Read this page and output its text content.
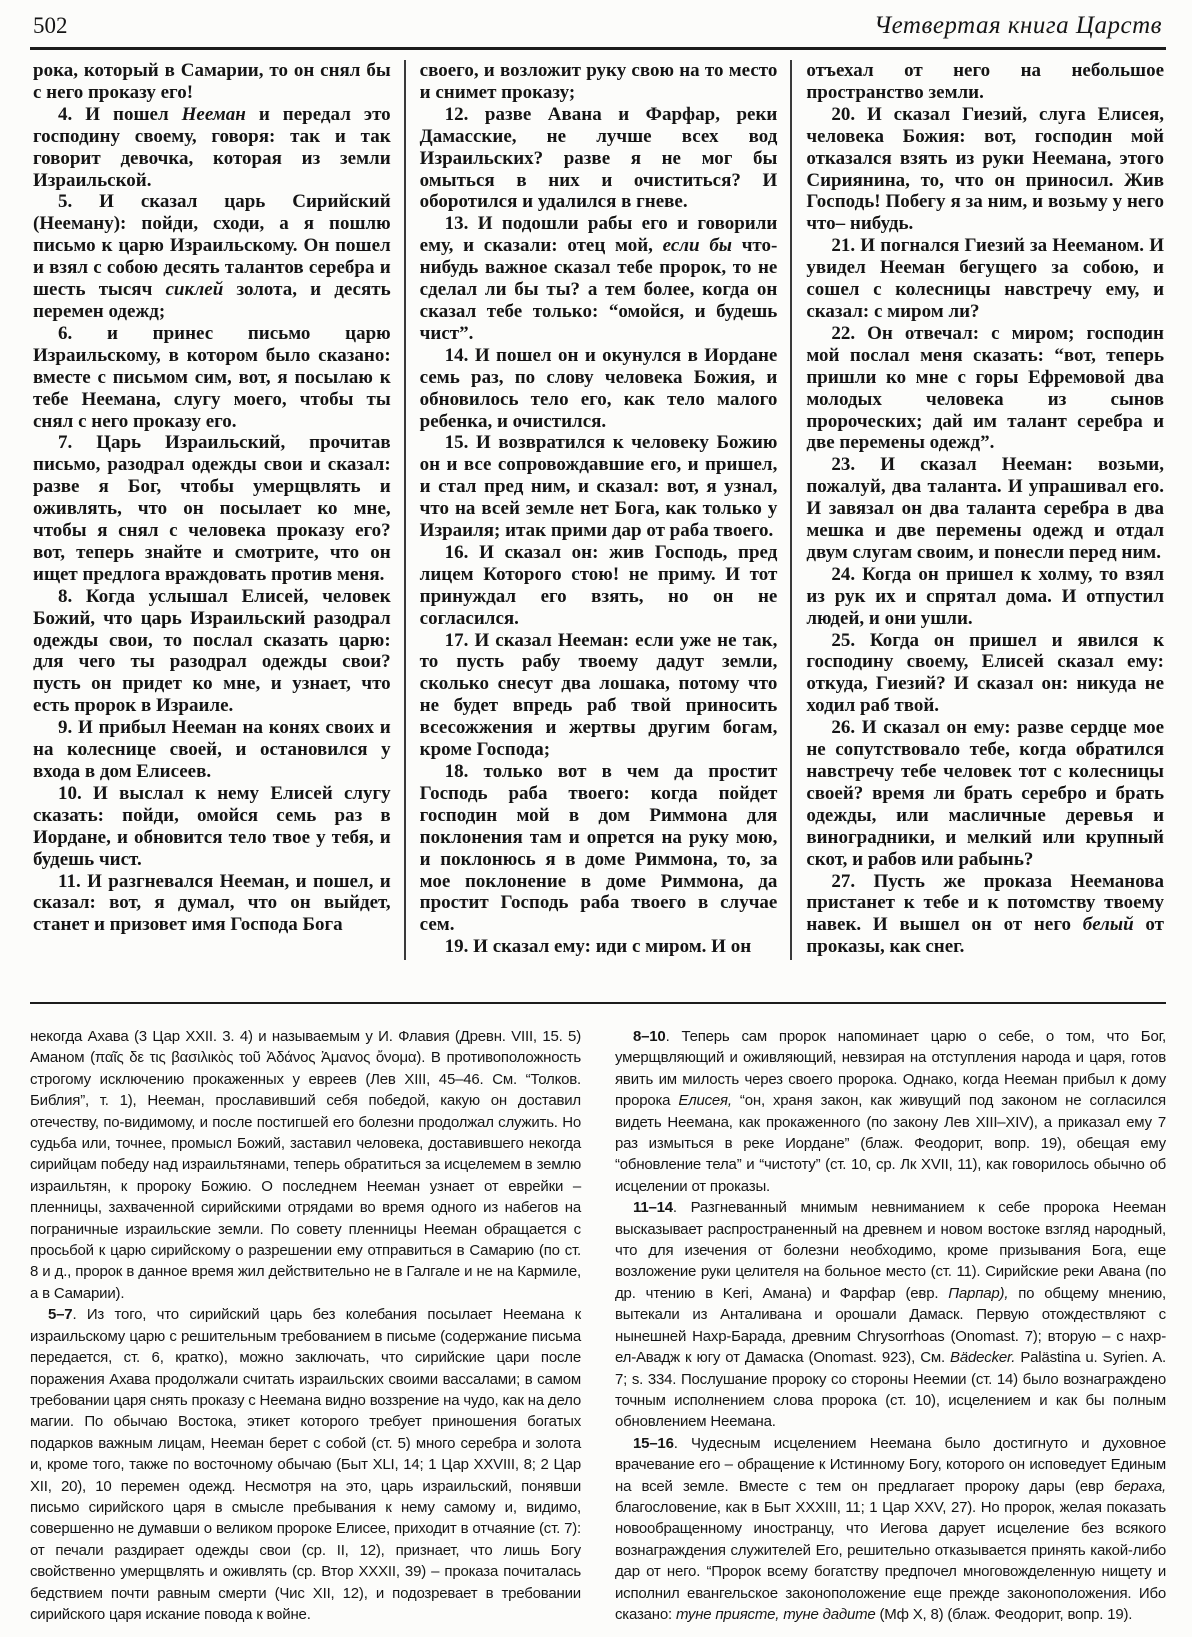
502	Четвертая книга Царств

рока, который в Самарии, то он снял бы с него проказу его!

4. И пошел Нееман и передал это господину своему, говоря: так и так говорит девочка, которая из земли Израильской.

5. И сказал царь Сирийский (Нееману): пойди, сходи, а я пошлю письмо к царю Израильскому. Он пошел и взял с собою десять талантов серебра и шесть тысяч сиклей золота, и десять перемен одежд;

6. и принес письмо царю Израильскому, в котором было сказано: вместе с письмом сим, вот, я посылаю к тебе Неемана, слугу моего, чтобы ты снял с него проказу его.

7. Царь Израильский, прочитав письмо, разодрал одежды свои и сказал: разве я Бог, чтобы умерщвлять и оживлять, что он посылает ко мне, чтобы я снял с человека проказу его? вот, теперь знайте и смотрите, что он ищет предлога враждовать против меня.

8. Когда услышал Елисей, человек Божий, что царь Израильский разодрал одежды свои, то послал сказать царю: для чего ты разодрал одежды свои? пусть он придет ко мне, и узнает, что есть пророк в Израиле.

9. И прибыл Нееман на конях своих и на колеснице своей, и остановился у входа в дом Елисеев.

10. И выслал к нему Елисей слугу сказать: пойди, омойся семь раз в Иордане, и обновится тело твое у тебя, и будешь чист.

11. И разгневался Нееман, и пошел, и сказал: вот, я думал, что он выйдет, станет и призовет имя Господа Бога

своего, и возложит руку свою на то место и снимет проказу;

12. разве Авана и Фарфар, реки Дамасские, не лучше всех вод Израильских? разве я не мог бы омыться в них и очиститься? И оборотился и удалился в гневе.

13. И подошли рабы его и говорили ему, и сказали: отец мой, если бы что-нибудь важное сказал тебе пророк, то не сделал ли бы ты? а тем более, когда он сказал тебе только: “омойся, и будешь чист”.

14. И пошел он и окунулся в Иордане семь раз, по слову человека Божия, и обновилось тело его, как тело малого ребенка, и очистился.

15. И возвратился к человеку Божию он и все сопровождавшие его, и пришел, и стал пред ним, и сказал: вот, я узнал, что на всей земле нет Бога, как только у Израиля; итак прими дар от раба твоего.

16. И сказал он: жив Господь, пред лицем Которого стою! не приму. И тот принуждал его взять, но он не согласился.

17. И сказал Нееман: если уже не так, то пусть рабу твоему дадут земли, сколько снесут два лошака, потому что не будет впредь раб твой приносить всесожжения и жертвы другим богам, кроме Господа;

18. только вот в чем да простит Господь раба твоего: когда пойдет господин мой в дом Риммона для поклонения там и опрется на руку мою, и поклонюсь я в доме Риммона, то, за мое поклонение в доме Риммона, да простит Господь раба твоего в случае сем.

19. И сказал ему: иди с миром. И он

отъехал от него на небольшое пространство земли.

20. И сказал Гиезий, слуга Елисея, человека Божия: вот, господин мой отказался взять из руки Неемана, этого Сириянина, то, что он приносил. Жив Господь! Побегу я за ним, и возьму у него что– нибудь.

21. И погнался Гиезий за Нееманом. И увидел Нееман бегущего за собою, и сошел с колесницы навстречу ему, и сказал: с миром ли?

22. Он отвечал: с миром; господин мой послал меня сказать: “вот, теперь пришли ко мне с горы Ефремовой два молодых человека из сынов пророческих; дай им талант серебра и две перемены одежд”.

23. И сказал Нееман: возьми, пожалуй, два таланта. И упрашивал его. И завязал он два таланта серебра в два мешка и две перемены одежд и отдал двум слугам своим, и понесли перед ним.

24. Когда он пришел к холму, то взял из рук их и спрятал дома. И отпустил людей, и они ушли.

25. Когда он пришел и явился к господину своему, Елисей сказал ему: откуда, Гиезий? И сказал он: никуда не ходил раб твой.

26. И сказал он ему: разве сердце мое не сопутствовало тебе, когда обратился навстречу тебе человек тот с колесницы своей? время ли брать серебро и брать одежды, или масличные деревья и виноградники, и мелкий или крупный скот, и рабов или рабынь?

27. Пусть же проказа Нееманова пристанет к тебе и к потомству твоему навек. И вышел он от него белый от проказы, как снег.

некогда Ахава (3 Цар XXII. 3. 4) и называемым у И. Флавия (Древн. VIII, 15. 5) Аманом (παῖς δε τις βασιλικὸς τοῦ Ἀδάνος Ἀμανος ὄνομα). В противоположность строгому исключению прокаженных у евреев (Лев XIII, 45–46. См. “Толков. Библия”, т. 1), Нееман, прославивший себя победой, какую он доставил отечеству, по-видимому, и после постигшей его болезни продолжал служить. Но судьба или, точнее, промысл Божий, заставил человека, доставившего некогда сирийцам победу над израильтянами, теперь обратиться за исцелемем в землю израильтян, к пророку Божию. О последнем Нееман узнает от еврейки – пленницы, захваченной сирийскими отрядами во время одного из набегов на пограничные израильские земли. По совету пленницы Нееман обращается с просьбой к царю сирийскому о разрешении ему отправиться в Самарию (по ст. 8 и д., пророк в данное время жил действительно не в Галгале и не на Кармиле, а в Самарии).

5–7. Из того, что сирийский царь без колебания посылает Неемана к израильскому царю с решительным требованием в письме (содержание письма передается, ст. 6, кратко), можно заключать, что сирийские цари после поражения Ахава продолжали считать израильских своими вассалами; в самом требовании царя снять проказу с Неемана видно воззрение на чудо, как на дело магии. По обычаю Востока, этикет которого требует приношения богатых подарков важным лицам, Нееман берет с собой (ст. 5) много серебра и золота и, кроме того, также по восточному обычаю (Быт XLI, 14; 1 Цар XXVIII, 8; 2 Цар XII, 20), 10 перемен одежд. Несмотря на это, царь израильский, понявши письмо сирийского царя в смысле пребывания к нему самому и, видимо, совершенно не думавши о великом пророке Елисее, приходит в отчаяние (ст. 7): от печали раздирает одежды свои (ср. II, 12), признает, что лишь Богу свойственно умерщвлять и оживлять (ср. Втор XXXII, 39) – проказа почиталась бедствием почти равным смерти (Чис XII, 12), и подозревает в требовании сирийского царя искание повода к войне.

8–10. Теперь сам пророк напоминает царю о себе, о том, что Бог, умерщвляющий и оживляющий, невзирая на отступления народа и царя, готов явить им милость через своего пророка. Однако, когда Нееман прибыл к дому пророка Елисея, “он, храня закон, как живущий под законом не согласился видеть Неемана, как прокаженного (по закону Лев XIII–XIV), а приказал ему 7 раз измыться в реке Иордане” (блаж. Феодорит, вопр. 19), обещая ему “обновление тела” и “чистоту” (ст. 10, ср. Лк XVII, 11), как говорилось обычно об исцелении от проказы.

11–14. Разгневанный мнимым невниманием к себе пророка Нееман высказывает распространенный на древнем и новом востоке взгляд народный, что для изечения от болезни необходимо, кроме призывания Бога, еще возложение руки целителя на больное место (ст. 11). Сирийские реки Авана (по др. чтению в Keri, Амана) и Фарфар (евр. Парпар), по общему мнению, вытекали из Анталивана и орошали Дамаск. Первую отождествляют с нынешней Нахр-Барада, древним Chrysorrhoas (Onomast. 7); вторую – с нахр-ел-Авадж к югу от Дамаска (Onomast. 923), См. Bädecker. Palästina u. Syrien. A. 7; s. 334. Послушание пророку со стороны Неемии (ст. 14) было вознаграждено точным исполнением слова пророка (ст. 10), исцелением и как бы полным обновлением Неемана.

15–16. Чудесным исцелением Неемана было достигнуто и духовное врачевание его – обращение к Истинному Богу, которого он исповедует Единым на всей земле. Вместе с тем он предлагает пророку дары (евр бераха, благословение, как в Быт XXXIII, 11; 1 Цар XXV, 27). Но пророк, желая показать новообращенному иностранцу, что Иегова дарует исцеление без всякого вознаграждения служителей Его, решительно отказывается принять какой-либо дар от него. “Пророк всему богатству предпочел многовожделенную нищету и исполнил евангельское законоположение еще прежде законоположения. Ибо сказано: туне приясте, туне дадите (Мф X, 8) (блаж. Феодорит, вопр. 19).
